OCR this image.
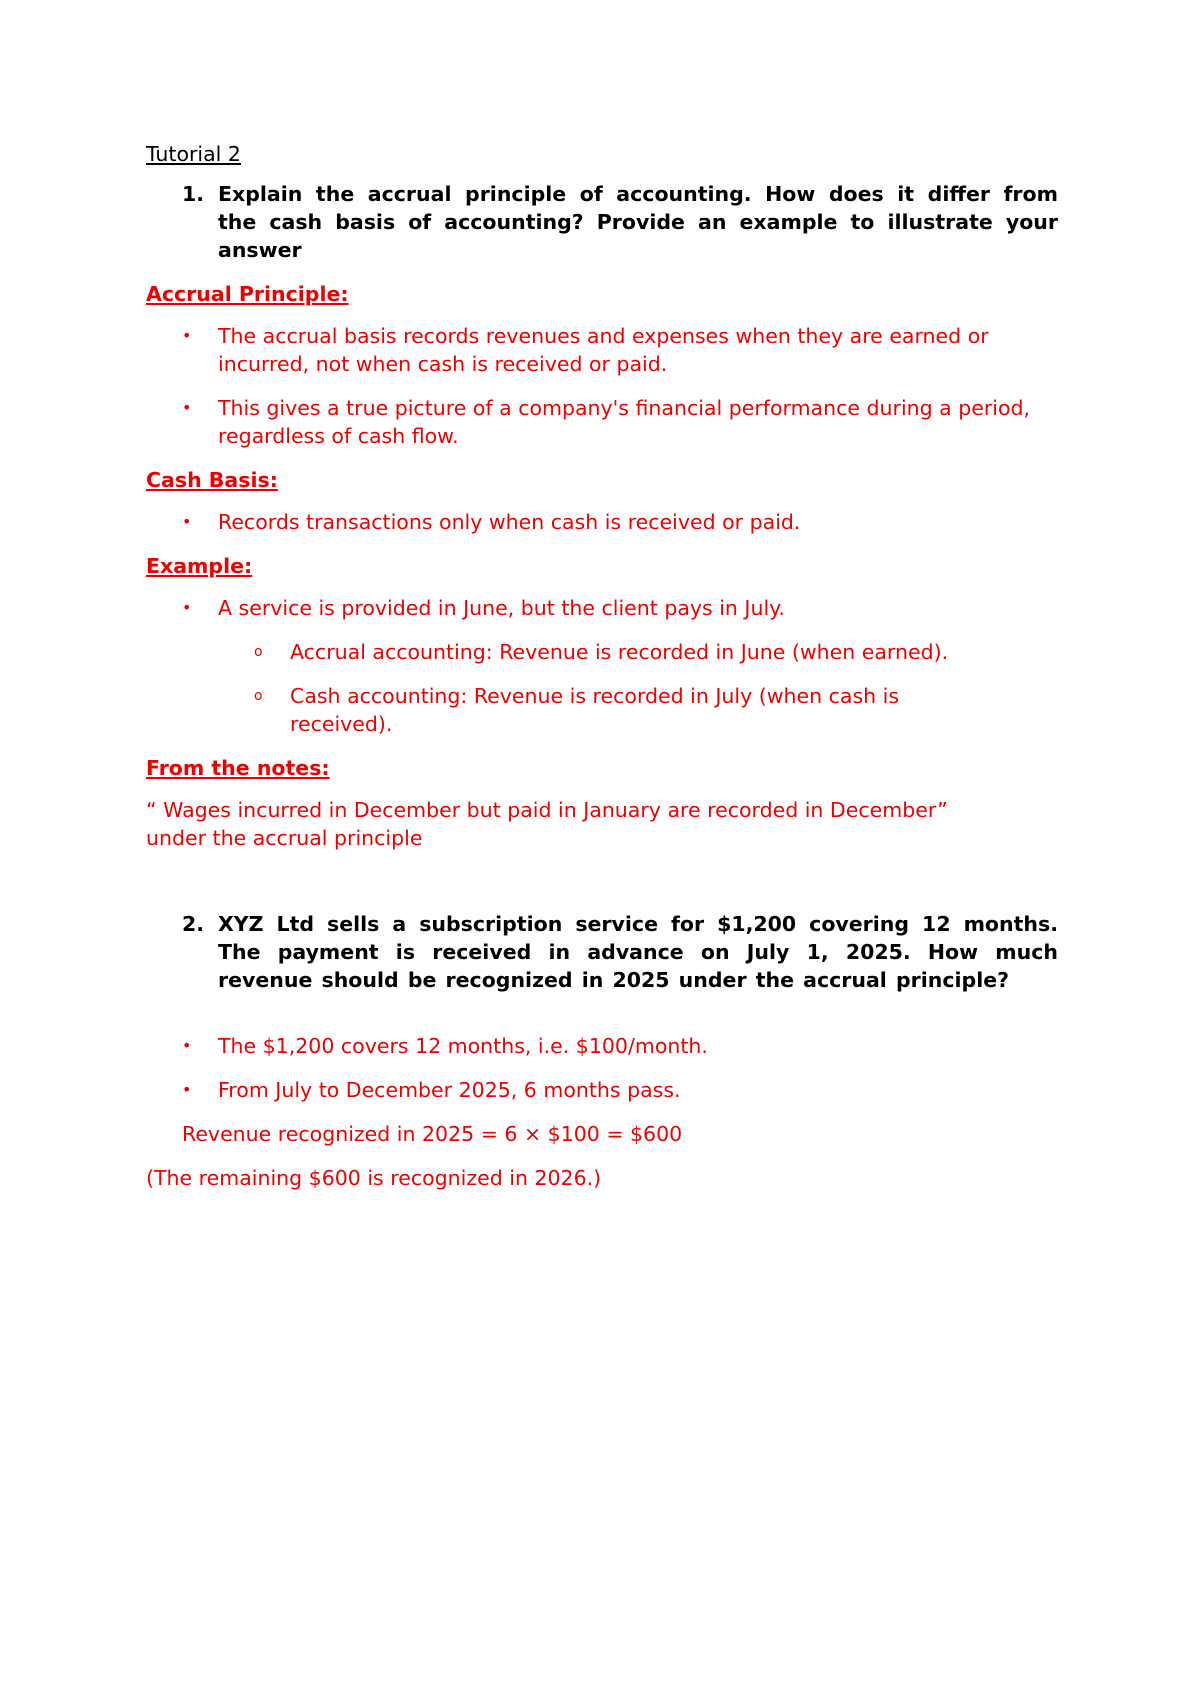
Tutorial 2
1. Explain the accrual principle of accounting. How does it differ from the cash basis of accounting? Provide an example to illustrate your answer
Accrual Principle:
•	The accrual basis records revenues and expenses when they are earned or incurred, not when cash is received or paid.
•	This gives a true picture of a company's financial performance during a period, regardless of cash flow.
Cash Basis:
•	Records transactions only when cash is received or paid.
Example:
•	A service is provided in June, but the client pays in July.
o	Accrual accounting: Revenue is recorded in June (when earned).
o	Cash accounting: Revenue is recorded in July (when cash is received).
From the notes:
“ Wages incurred in December but paid in January are recorded in December” under the accrual principle
2. XYZ Ltd sells a subscription service for $1,200 covering 12 months. The payment is received in advance on July 1, 2025. How much revenue should be recognized in 2025 under the accrual principle?
•	The $1,200 covers 12 months, i.e. $100/month.
•	From July to December 2025, 6 months pass.
Revenue recognized in 2025 = 6 × $100 = $600
(The remaining $600 is recognized in 2026.)
